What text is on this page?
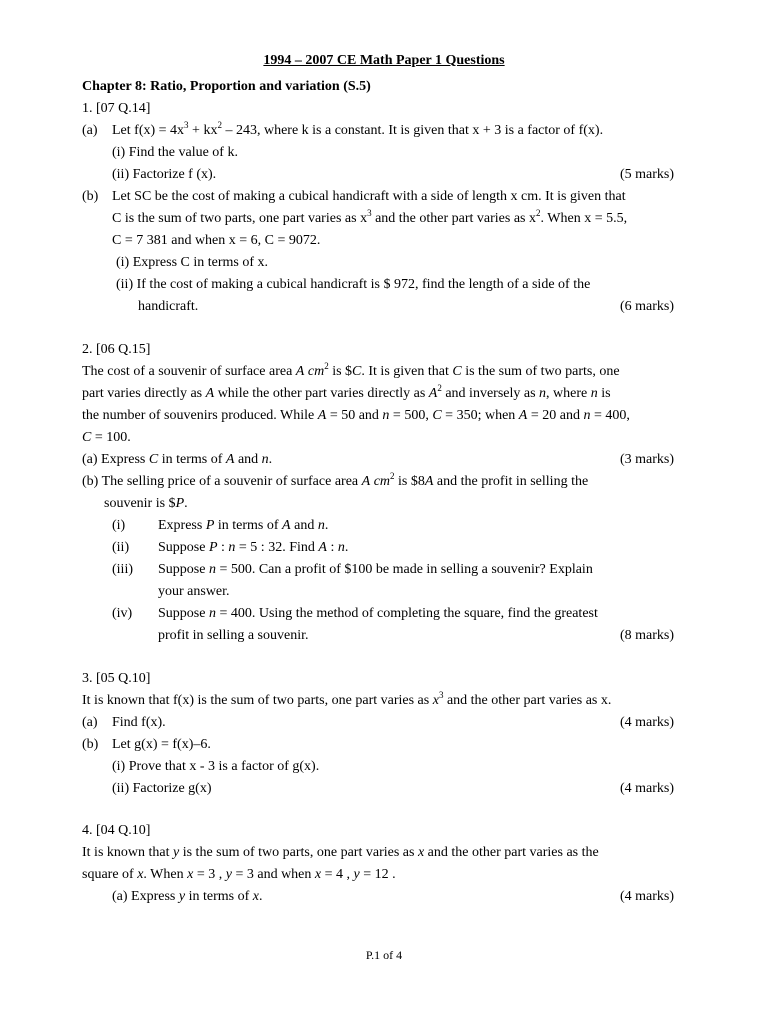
1994 – 2007 CE Math Paper 1 Questions
Chapter 8: Ratio, Proportion and variation (S.5)
1. [07 Q.14]
(a) Let $f(x) = 4x^3 + kx^2 - 243$, where k is a constant. It is given that x + 3 is a factor of f(x).
(i) Find the value of k.
(ii) Factorize f (x).	(5 marks)
(b) Let SC be the cost of making a cubical handicraft with a side of length x cm. It is given that
C is the sum of two parts, one part varies as $x^3$ and the other part varies as $x^2$. When x = 5.5,
C = 7 381 and when x = 6, C = 9072.
(i) Express C in terms of x.
(ii) If the cost of making a cubical handicraft is $ 972, find the length of a side of the
handicraft.	(6 marks)
2. [06 Q.15]
The cost of a souvenir of surface area A $cm^2$ is $C. It is given that C is the sum of two parts, one
part varies directly as A while the other part varies directly as $A^2$ and inversely as n, where n is
the number of souvenirs produced. While A = 50 and n = 500, C = 350; when A = 20 and n = 400,
C = 100.
(a) Express C in terms of A and n.	(3 marks)
(b) The selling price of a souvenir of surface area A $cm^2$ is $8A and the profit in selling the
souvenir is $P.
(i) Express P in terms of A and n.
(ii) Suppose P : n = 5 : 32. Find A : n.
(iii) Suppose n = 500. Can a profit of $100 be made in selling a souvenir? Explain
your answer.
(iv) Suppose n = 400. Using the method of completing the square, find the greatest
profit in selling a souvenir.	(8 marks)
3. [05 Q.10]
It is known that f(x) is the sum of two parts, one part varies as $x^3$ and the other part varies as x.
(a) Find f(x).	(4 marks)
(b) Let g(x) = f(x)–6.
(i) Prove that x - 3 is a factor of g(x).
(ii) Factorize g(x)	(4 marks)
4. [04 Q.10]
It is known that y is the sum of two parts, one part varies as x and the other part varies as the
square of x. When x = 3 , y = 3 and when x = 4 , y = 12 .
(a) Express y in terms of x.	(4 marks)
P.1 of 4
